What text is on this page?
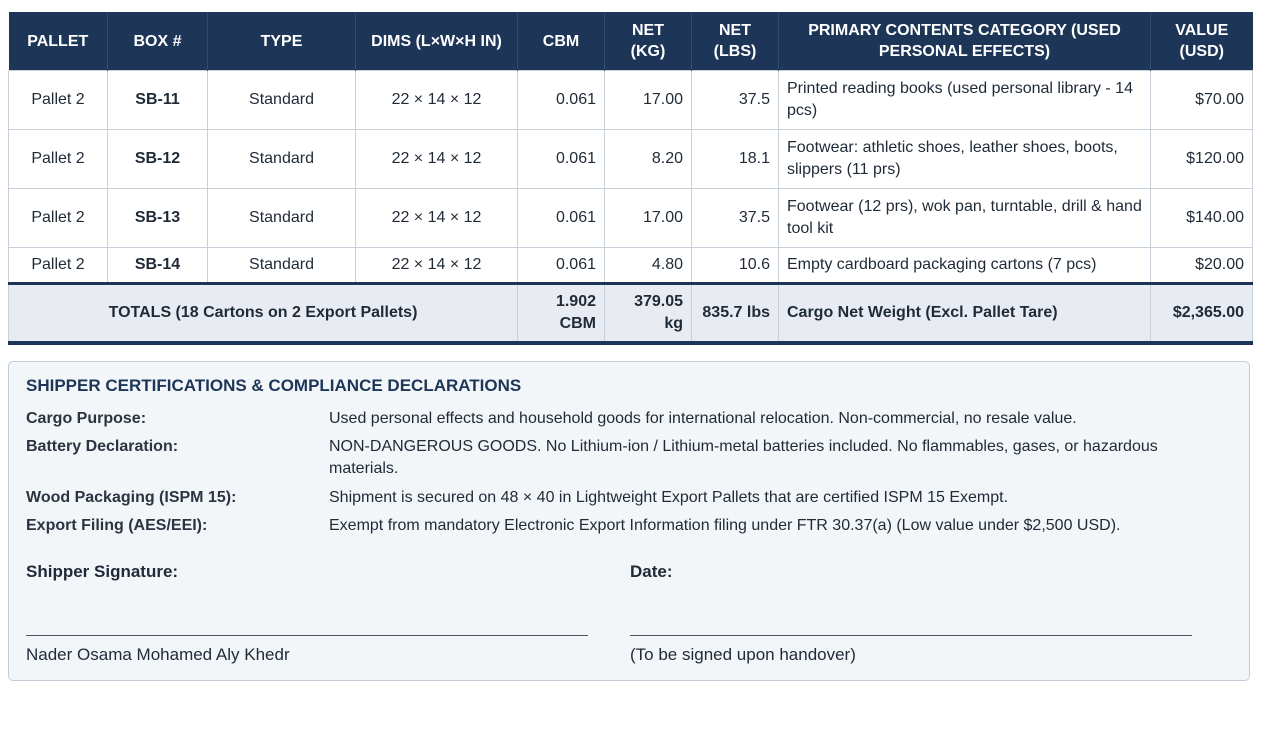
PALLET	BOX #	TYPE	DIMS (L×W×H IN)	CBM	NET (KG)	NET (LBS)	PRIMARY CONTENTS CATEGORY (USED PERSONAL EFFECTS)	VALUE (USD)
Pallet 2	SB-11	Standard	22 × 14 × 12	0.061	17.00	37.5	Printed reading books (used personal library - 14 pcs)	$70.00
Pallet 2	SB-12	Standard	22 × 14 × 12	0.061	8.20	18.1	Footwear: athletic shoes, leather shoes, boots, slippers (11 prs)	$120.00
Pallet 2	SB-13	Standard	22 × 14 × 12	0.061	17.00	37.5	Footwear (12 prs), wok pan, turntable, drill & hand tool kit	$140.00
Pallet 2	SB-14	Standard	22 × 14 × 12	0.061	4.80	10.6	Empty cardboard packaging cartons (7 pcs)	$20.00
TOTALS (18 Cartons on 2 Export Pallets)				1.902 CBM	379.05 kg	835.7 lbs	Cargo Net Weight (Excl. Pallet Tare)	$2,365.00
SHIPPER CERTIFICATIONS & COMPLIANCE DECLARATIONS
Cargo Purpose:	Used personal effects and household goods for international relocation. Non-commercial, no resale value.
Battery Declaration:	NON-DANGEROUS GOODS. No Lithium-ion / Lithium-metal batteries included. No flammables, gases, or hazardous materials.
Wood Packaging (ISPM 15):	Shipment is secured on 48 × 40 in Lightweight Export Pallets that are certified ISPM 15 Exempt.
Export Filing (AES/EEI):	Exempt from mandatory Electronic Export Information filing under FTR 30.37(a) (Low value under $2,500 USD).
Shipper Signature:
Nader Osama Mohamed Aly Khedr
Date:
(To be signed upon handover)
